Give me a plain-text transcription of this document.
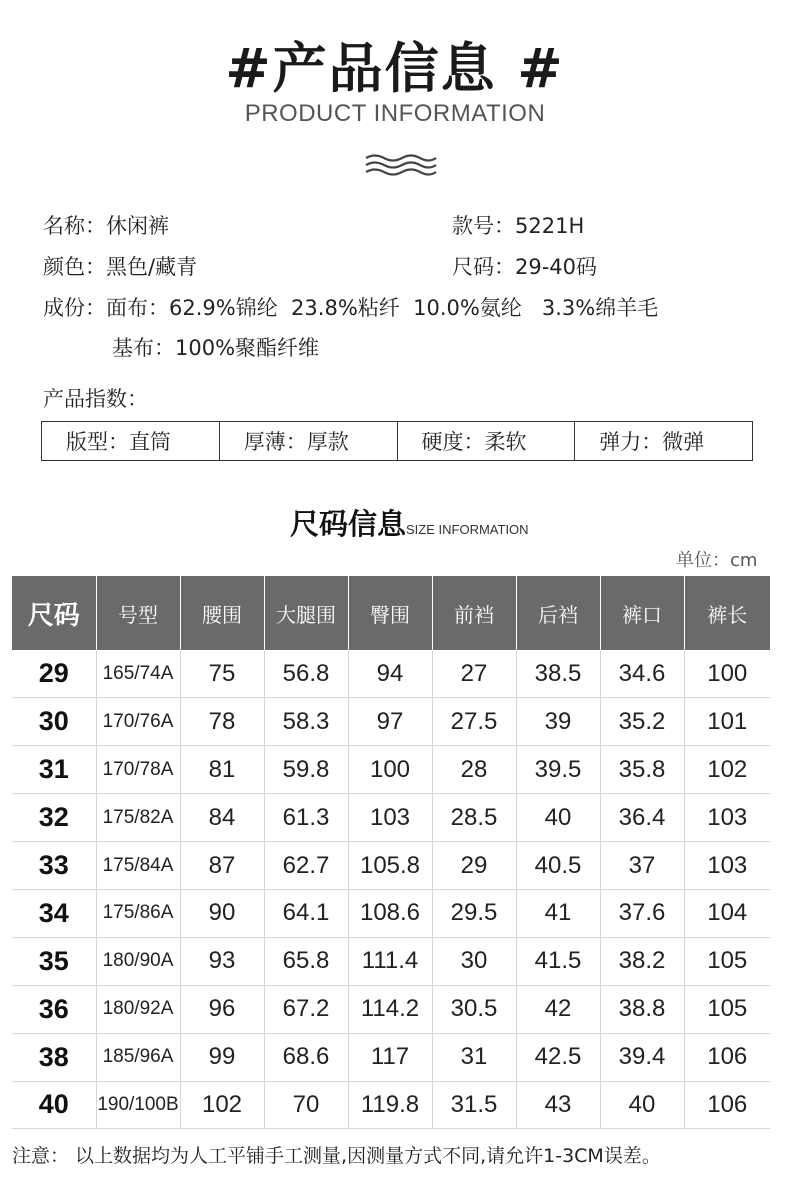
#产品信息 #
PRODUCT INFORMATION
名称：休闲裤	款号：5221H
颜色：黑色/藏青	尺码：29-40码
成份：面布：62.9%锦纶  23.8%粘纤  10.0%氨纶   3.3%绵羊毛
基布：100%聚酯纤维
产品指数：
版型：直筒	厚薄：厚款	硬度：柔软	弹力：微弹
尺码信息SIZE INFORMATION
单位：cm
尺码	号型	腰围	大腿围	臀围	前裆	后裆	裤口	裤长
29	165/74A	75	56.8	94	27	38.5	34.6	100
30	170/76A	78	58.3	97	27.5	39	35.2	101
31	170/78A	81	59.8	100	28	39.5	35.8	102
32	175/82A	84	61.3	103	28.5	40	36.4	103
33	175/84A	87	62.7	105.8	29	40.5	37	103
34	175/86A	90	64.1	108.6	29.5	41	37.6	104
35	180/90A	93	65.8	111.4	30	41.5	38.2	105
36	180/92A	96	67.2	114.2	30.5	42	38.8	105
38	185/96A	99	68.6	117	31	42.5	39.4	106
40	190/100B	102	70	119.8	31.5	43	40	106
注意： 以上数据均为人工平铺手工测量,因测量方式不同,请允许1-3CM误差。
